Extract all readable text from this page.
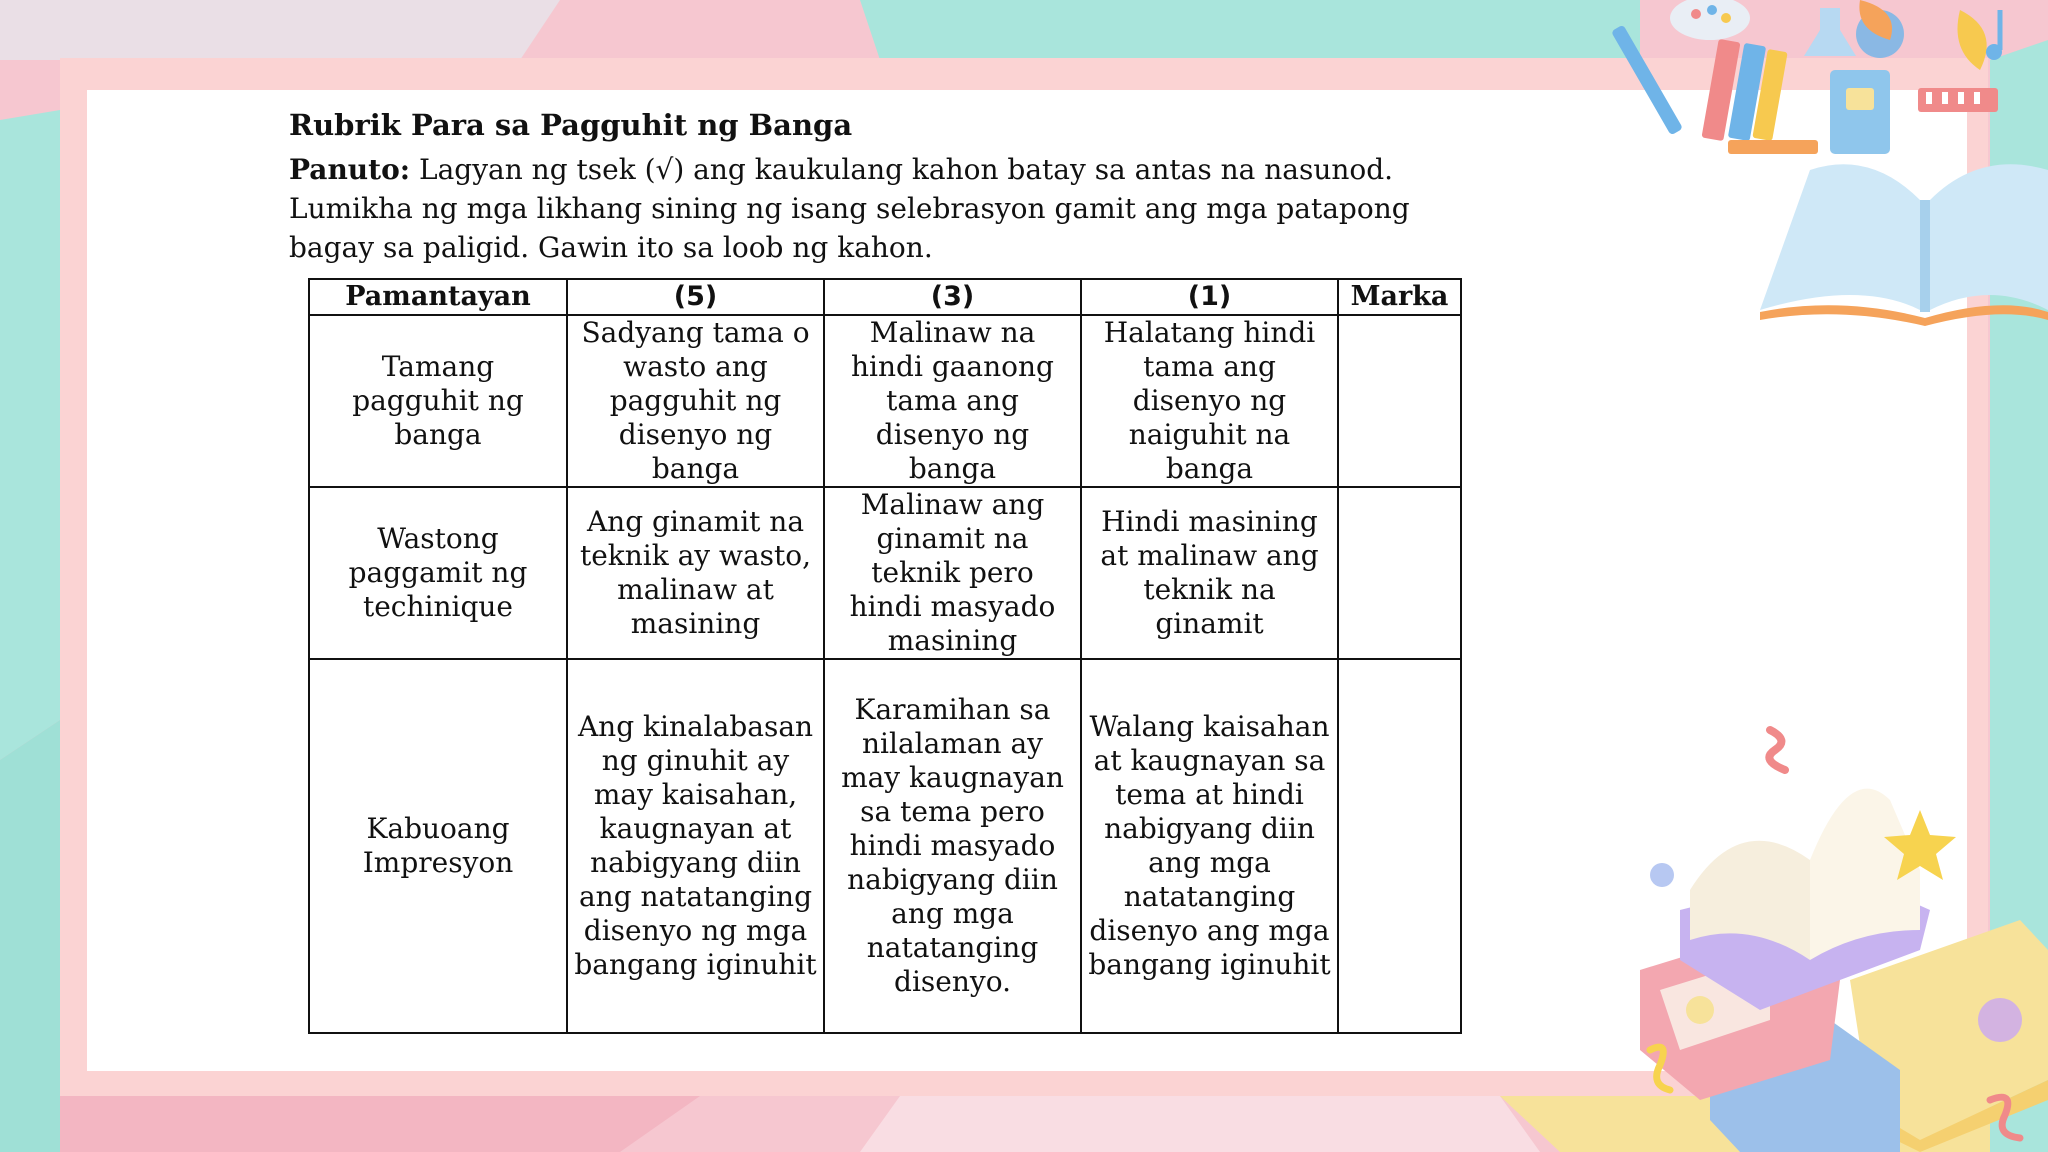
Rubrik Para sa Pagguhit ng Banga

Panuto: Lagyan ng tsek (√) ang kaukulang kahon batay sa antas na nasunod. Lumikha ng mga likhang sining ng isang selebrasyon gamit ang mga patapong bagay sa paligid. Gawin ito sa loob ng kahon.

Pamantayan	(5)	(3)	(1)	Marka
Tamang pagguhit ng banga	Sadyang tama o wasto ang pagguhit ng disenyo ng banga	Malinaw na hindi gaanong tama ang disenyo ng banga	Halatang hindi tama ang disenyo ng naiguhit na banga	
Wastong paggamit ng techinique	Ang ginamit na teknik ay wasto, malinaw at masining	Malinaw ang ginamit na teknik pero hindi masyado masining	Hindi masining at malinaw ang teknik na ginamit	
Kabuoang Impresyon	Ang kinalabasan ng ginuhit ay may kaisahan, kaugnayan at nabigyang diin ang natatanging disenyo ng mga bangang iginuhit	Karamihan sa nilalaman ay may kaugnayan sa tema pero hindi masyado nabigyang diin ang mga natatanging disenyo.	Walang kaisahan at kaugnayan sa tema at hindi nabigyang diin ang mga natatanging disenyo ang mga bangang iginuhit	
